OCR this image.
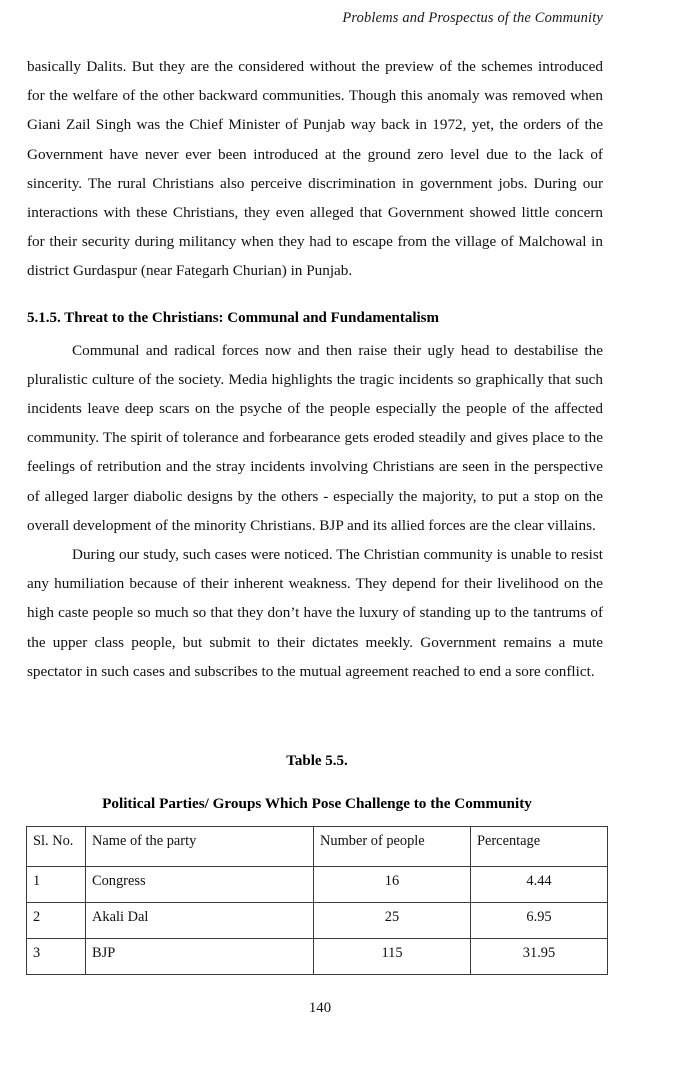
Problems and Prospectus of the Community

basically Dalits. But they are the considered without the preview of the schemes introduced for the welfare of the other backward communities. Though this anomaly was removed when Giani Zail Singh was the Chief Minister of Punjab way back in 1972, yet, the orders of the Government have never ever been introduced at the ground zero level due to the lack of sincerity. The rural Christians also perceive discrimination in government jobs. During our interactions with these Christians, they even alleged that Government showed little concern for their security during militancy when they had to escape from the village of Malchowal in district Gurdaspur (near Fategarh Churian) in Punjab.

5.1.5. Threat to the Christians: Communal and Fundamentalism

Communal and radical forces now and then raise their ugly head to destabilise the pluralistic culture of the society. Media highlights the tragic incidents so graphically that such incidents leave deep scars on the psyche of the people especially the people of the affected community. The spirit of tolerance and forbearance gets eroded steadily and gives place to the feelings of retribution and the stray incidents involving Christians are seen in the perspective of alleged larger diabolic designs by the others - especially the majority, to put a stop on the overall development of the minority Christians. BJP and its allied forces are the clear villains.

During our study, such cases were noticed. The Christian community is unable to resist any humiliation because of their inherent weakness. They depend for their livelihood on the high caste people so much so that they don’t have the luxury of standing up to the tantrums of the upper class people, but submit to their dictates meekly. Government remains a mute spectator in such cases and subscribes to the mutual agreement reached to end a sore conflict.

Table 5.5.
Political Parties/ Groups Which Pose Challenge to the Community
Sl. No.	Name of the party	Number of people	Percentage
1	Congress	16	4.44
2	Akali Dal	25	6.95
3	BJP	115	31.95
140
